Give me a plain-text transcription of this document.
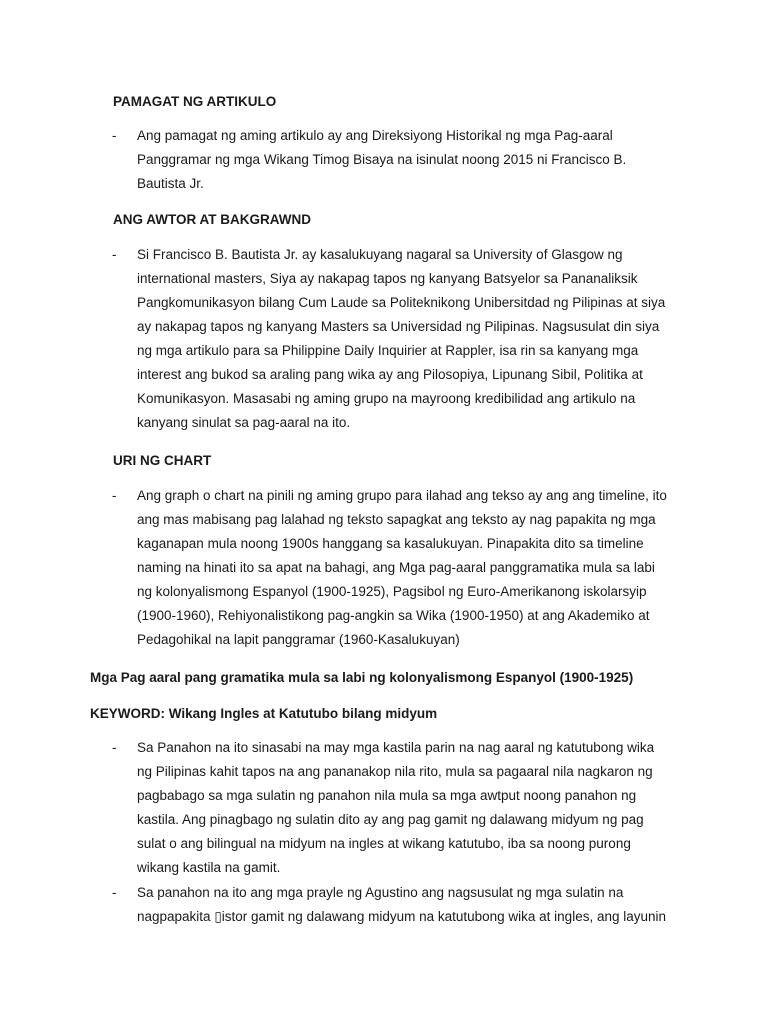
PAMAGAT NG ARTIKULO
-	Ang pamagat ng aming artikulo ay ang Direksiyong Historikal ng mga Pag-aaral
Panggramar ng mga Wikang Timog Bisaya na isinulat noong 2015 ni Francisco B.
Bautista Jr.
ANG AWTOR AT BAKGRAWND
-	Si Francisco B. Bautista Jr. ay kasalukuyang nagaral sa University of Glasgow ng
international masters, Siya ay nakapag tapos ng kanyang Batsyelor sa Pananaliksik
Pangkomunikasyon bilang Cum Laude sa Politeknikong Unibersitdad ng Pilipinas at siya
ay nakapag tapos ng kanyang Masters sa Universidad ng Pilipinas. Nagsusulat din siya
ng mga artikulo para sa Philippine Daily Inquirier at Rappler, isa rin sa kanyang mga
interest ang bukod sa araling pang wika ay ang Pilosopiya, Lipunang Sibil, Politika at
Komunikasyon. Masasabi ng aming grupo na mayroong kredibilidad ang artikulo na
kanyang sinulat sa pag-aaral na ito.
URI NG CHART
-	Ang graph o chart na pinili ng aming grupo para ilahad ang tekso ay ang ang timeline, ito
ang mas mabisang pag lalahad ng teksto sapagkat ang teksto ay nag papakita ng mga
kaganapan mula noong 1900s hanggang sa kasalukuyan. Pinapakita dito sa timeline
naming na hinati ito sa apat na bahagi, ang Mga pag-aaral panggramatika mula sa labi
ng kolonyalismong Espanyol (1900-1925), Pagsibol ng Euro-Amerikanong iskolarsyip
(1900-1960), Rehiyonalistikong pag-angkin sa Wika (1900-1950) at ang Akademiko at
Pedagohikal na lapit panggramar (1960-Kasalukuyan)
Mga Pag aaral pang gramatika mula sa labi ng kolonyalismong Espanyol (1900-1925)
KEYWORD: Wikang Ingles at Katutubo bilang midyum
-	Sa Panahon na ito sinasabi na may mga kastila parin na nag aaral ng katutubong wika
ng Pilipinas kahit tapos na ang pananakop nila rito, mula sa pagaaral nila nagkaron ng
pagbabago sa mga sulatin ng panahon nila mula sa mga awtput noong panahon ng
kastila. Ang pinagbago ng sulatin dito ay ang pag gamit ng dalawang midyum ng pag
sulat o ang bilingual na midyum na ingles at wikang katutubo, iba sa noong purong
wikang kastila na gamit.
-	Sa panahon na ito ang mga prayle ng Agustino ang nagsusulat ng mga sulatin na
nagpapakita ▯istor gamit ng dalawang midyum na katutubong wika at ingles, ang layunin
